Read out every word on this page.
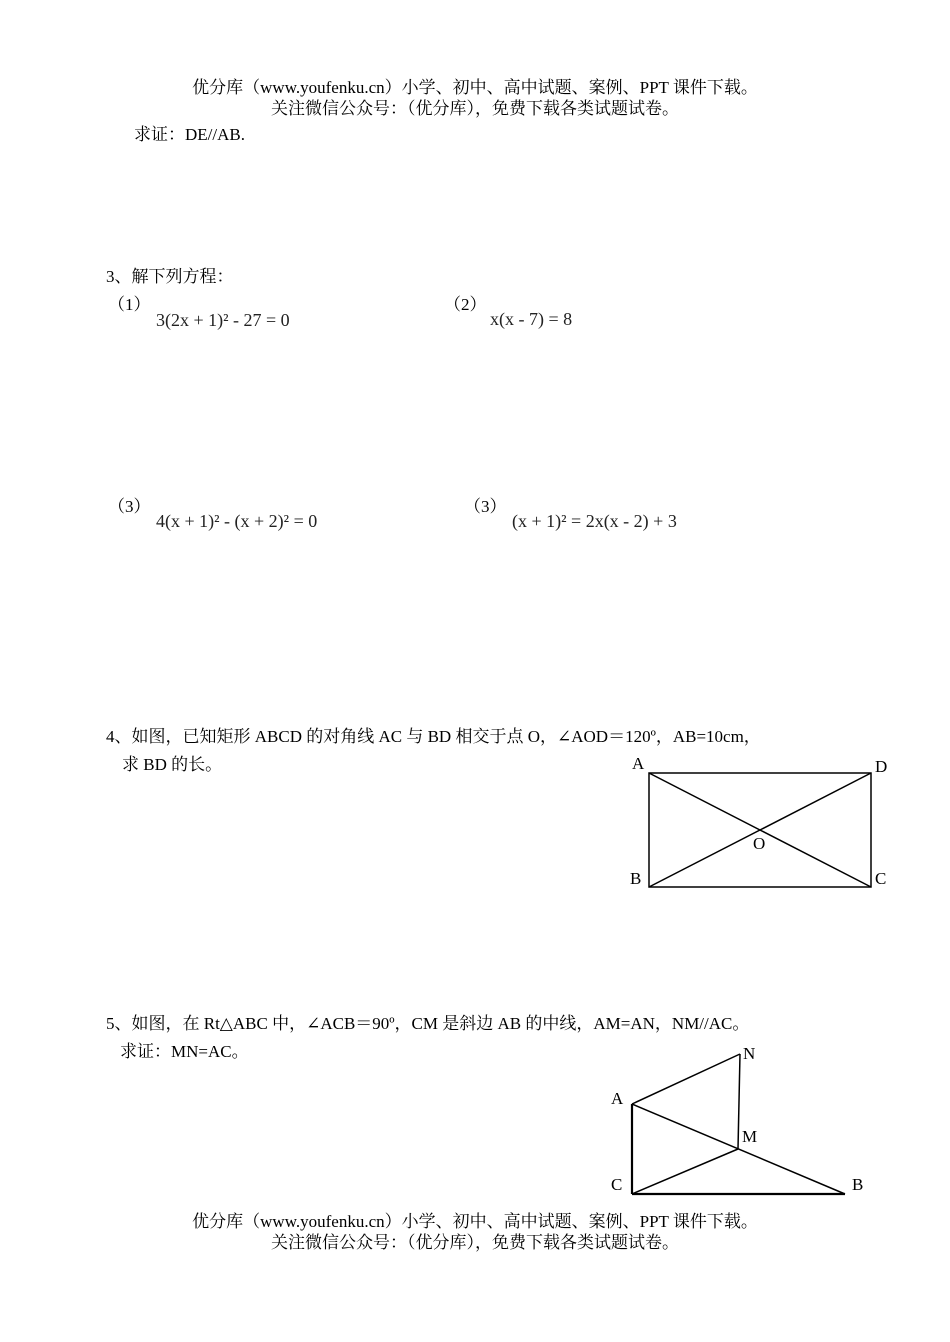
优分库（www.youfenku.cn）小学、初中、高中试题、案例、PPT 课件下载。
关注微信公众号：（优分库），免费下载各类试题试卷。
求证：DE//AB.
3、解下列方程：
（1）
3(2x + 1)² - 27 = 0
（2）
x(x - 7) = 8
（3）
4(x + 1)² - (x + 2)² = 0
（3）
(x + 1)² = 2x(x - 2) + 3
4、如图，已知矩形 ABCD 的对角线 AC 与 BD 相交于点 O，∠AOD＝120º，AB=10cm，
求 BD 的长。
5、如图，在 Rt△ABC 中，∠ACB＝90º，CM 是斜边 AB 的中线，AM=AN，NM//AC。
求证：MN=AC。
A	D
O
B	C
N
A
M
C	B
优分库（www.youfenku.cn）小学、初中、高中试题、案例、PPT 课件下载。
关注微信公众号：（优分库），免费下载各类试题试卷。
